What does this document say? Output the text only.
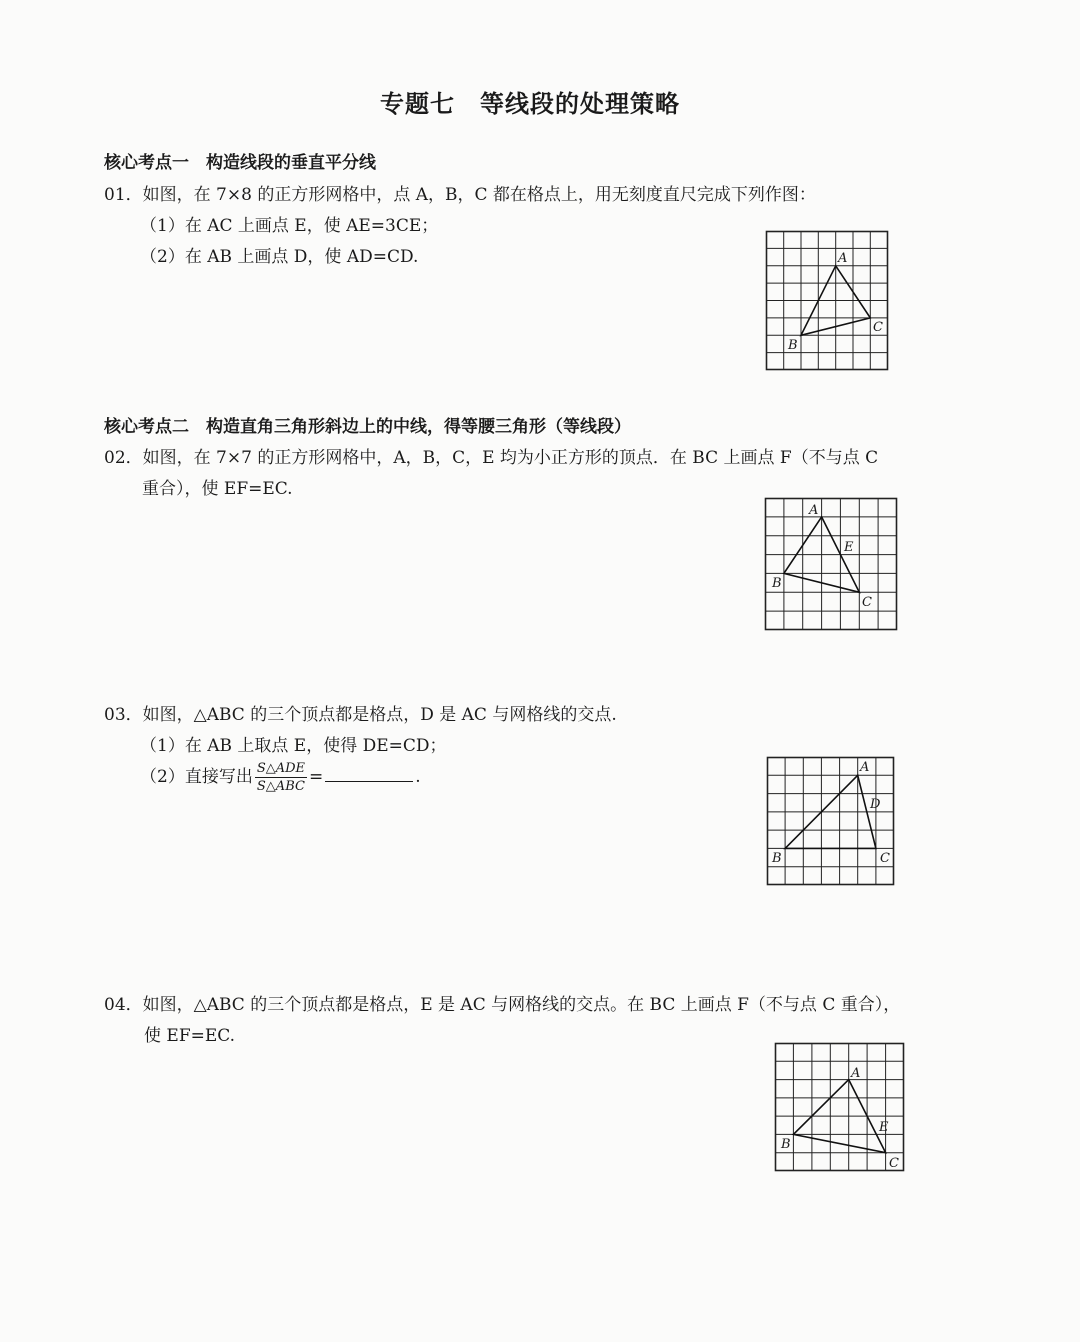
专题七　等线段的处理策略
核心考点一　构造线段的垂直平分线
01．如图，在 7×8 的正方形网格中，点 A，B，C 都在格点上，用无刻度直尺完成下列作图：
（1）在 AC 上画点 E，使 AE=3CE；
（2）在 AB 上画点 D，使 AD=CD.	A
B
C
核心考点二　构造直角三角形斜边上的中线，得等腰三角形（等线段）
02．如图，在 7×7 的正方形网格中，A，B，C，E 均为小正方形的顶点．在 BC 上画点 F（不与点 C
重合），使 EF=EC.
A
E
B
C
03．如图，△ABC 的三个顶点都是格点，D 是 AC 与网格线的交点.
（1）在 AB 上取点 E，使得 DE=CD；
（2）直接写出 $\frac{\text{S△ADE}}{\text{S△ABC}}$ =	.	A
D
B	C
04．如图，△ABC 的三个顶点都是格点，E 是 AC 与网格线的交点。在 BC 上画点 F（不与点 C 重合），
使 EF=EC.
A
E
B
C
